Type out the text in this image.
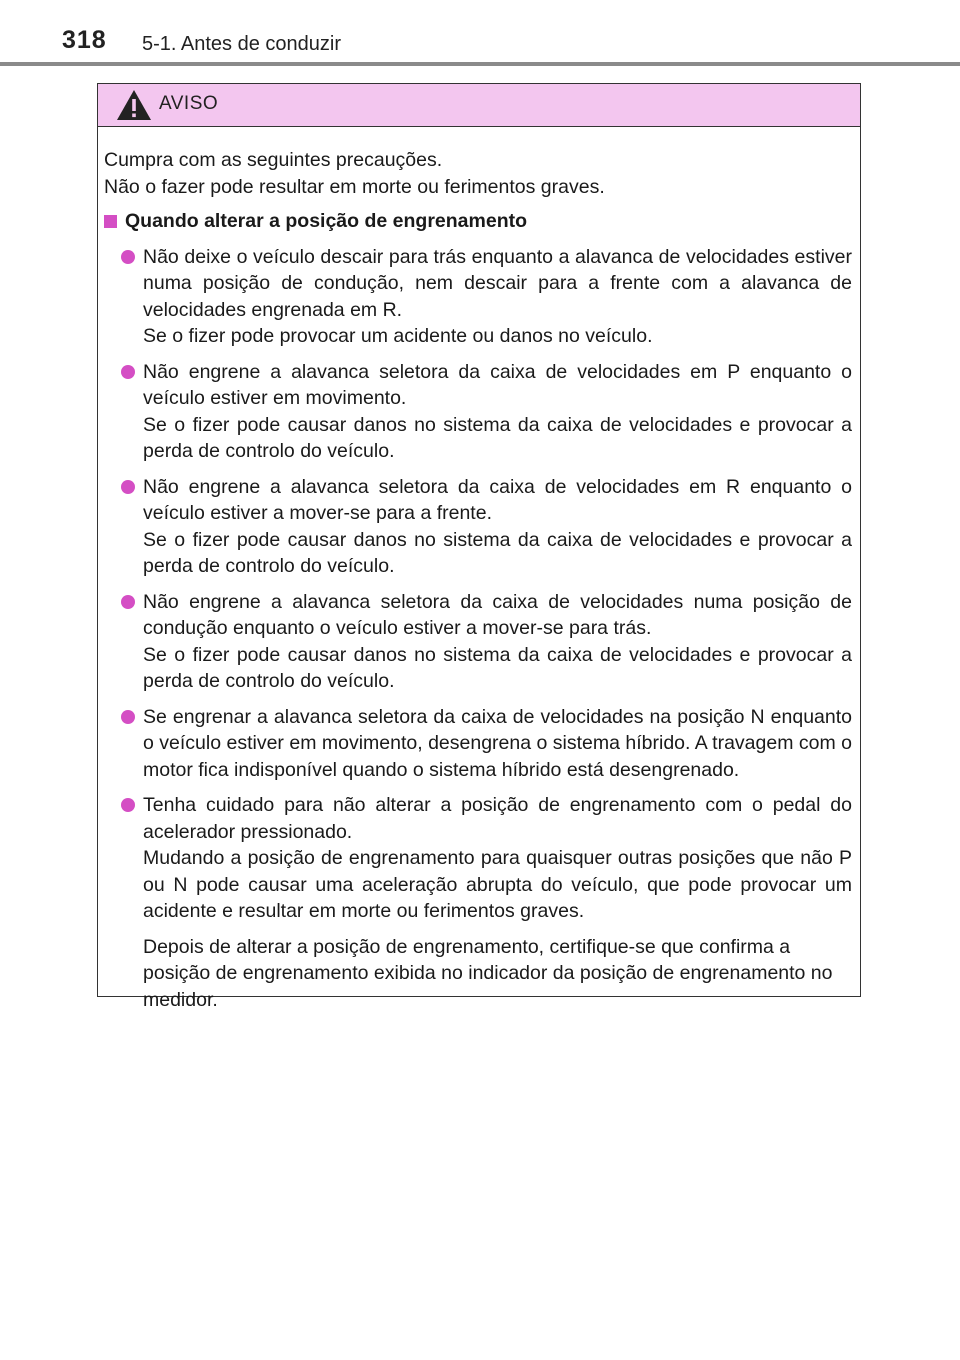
318 5-1. Antes de conduzir
AVISO

Cumpra com as seguintes precauções.

Não o fazer pode resultar em morte ou ferimentos graves.

Quando alterar a posição de engrenamento

Não deixe o veículo descair para trás enquanto a alavanca de velocidades estiver numa posição de condução, nem descair para a frente com a alavanca de velocidades engrenada em R.

Se o fizer pode provocar um acidente ou danos no veículo.

Não engrene a alavanca seletora da caixa de velocidades em P enquanto o veículo estiver em movimento.

Se o fizer pode causar danos no sistema da caixa de velocidades e provocar a perda de controlo do veículo.

Não engrene a alavanca seletora da caixa de velocidades em R enquanto o veículo estiver a mover-se para a frente.

Se o fizer pode causar danos no sistema da caixa de velocidades e provocar a perda de controlo do veículo.

Não engrene a alavanca seletora da caixa de velocidades numa posição de condução enquanto o veículo estiver a mover-se para trás.

Se o fizer pode causar danos no sistema da caixa de velocidades e provocar a perda de controlo do veículo.

Se engrenar a alavanca seletora da caixa de velocidades na posição N enquanto o veículo estiver em movimento, desengrena o sistema híbrido. A travagem com o motor fica indisponível quando o sistema híbrido está desengrenado.

Tenha cuidado para não alterar a posição de engrenamento com o pedal do acelerador pressionado.

Mudando a posição de engrenamento para quaisquer outras posições que não P ou N pode causar uma aceleração abrupta do veículo, que pode provocar um acidente e resultar em morte ou ferimentos graves.

Depois de alterar a posição de engrenamento, certifique-se que confirma a posição de engrenamento exibida no indicador da posição de engrenamento no medidor.
